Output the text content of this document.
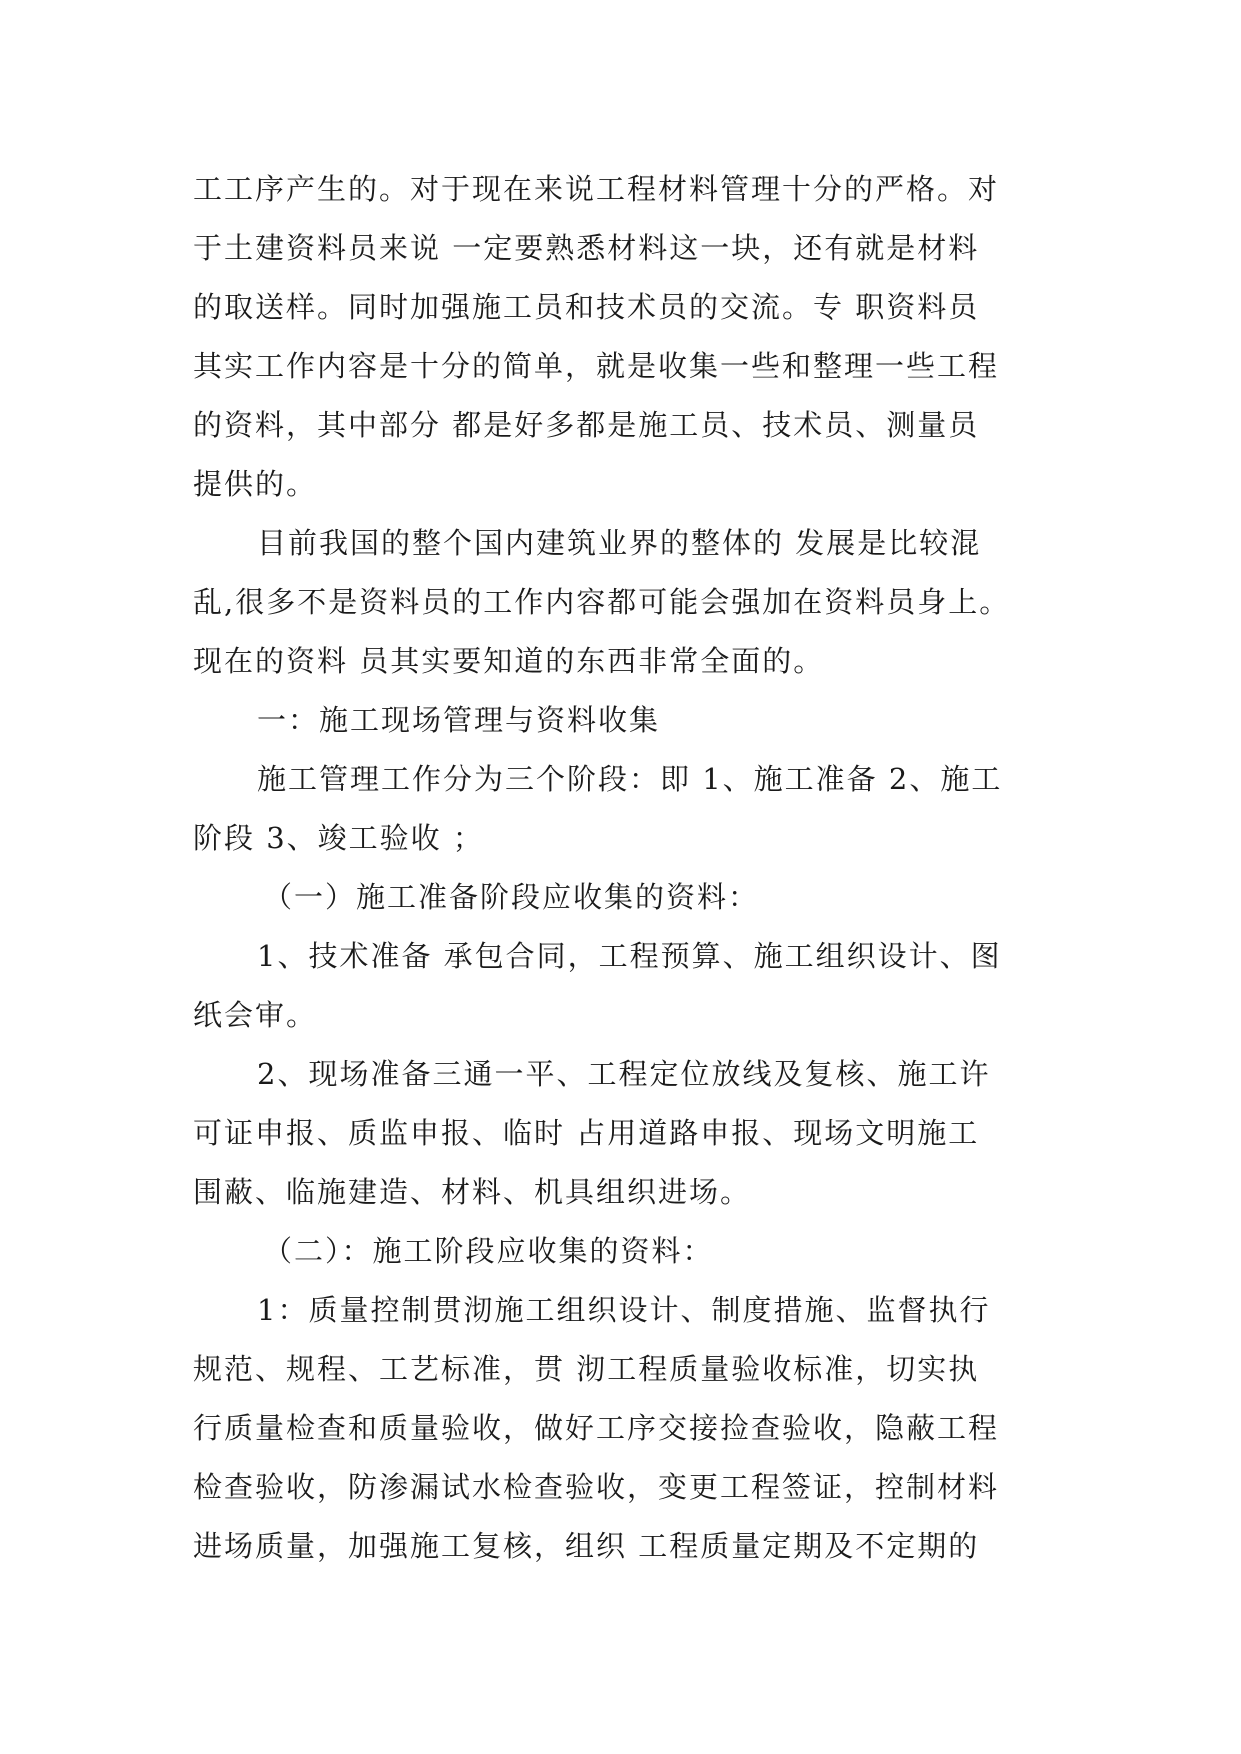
工工序产生的。对于现在来说工程材料管理十分的严格。对
于土建资料员来说 一定要熟悉材料这一块，还有就是材料
的取送样。同时加强施工员和技术员的交流。专 职资料员
其实工作内容是十分的简单，就是收集一些和整理一些工程
的资料，其中部分 都是好多都是施工员、技术员、测量员
提供的。
目前我国的整个国内建筑业界的整体的 发展是比较混
乱,很多不是资料员的工作内容都可能会强加在资料员身上。
现在的资料 员其实要知道的东西非常全面的。
一：施工现场管理与资料收集
施工管理工作分为三个阶段：即 1、施工准备 2、施工
阶段 3、竣工验收 ；
（一）施工准备阶段应收集的资料：
1、技术准备 承包合同，工程预算、施工组织设计、图
纸会审。
2、现场准备三通一平、工程定位放线及复核、施工许
可证申报、质监申报、临时 占用道路申报、现场文明施工
围蔽、临施建造、材料、机具组织进场。
（二）：施工阶段应收集的资料：
1：质量控制贯沏施工组织设计、制度措施、监督执行
规范、规程、工艺标准，贯 沏工程质量验收标准，切实执
行质量检查和质量验收，做好工序交接捡查验收，隐蔽工程
检查验收，防渗漏试水检查验收，变更工程签证，控制材料
进场质量，加强施工复核，组织 工程质量定期及不定期的
